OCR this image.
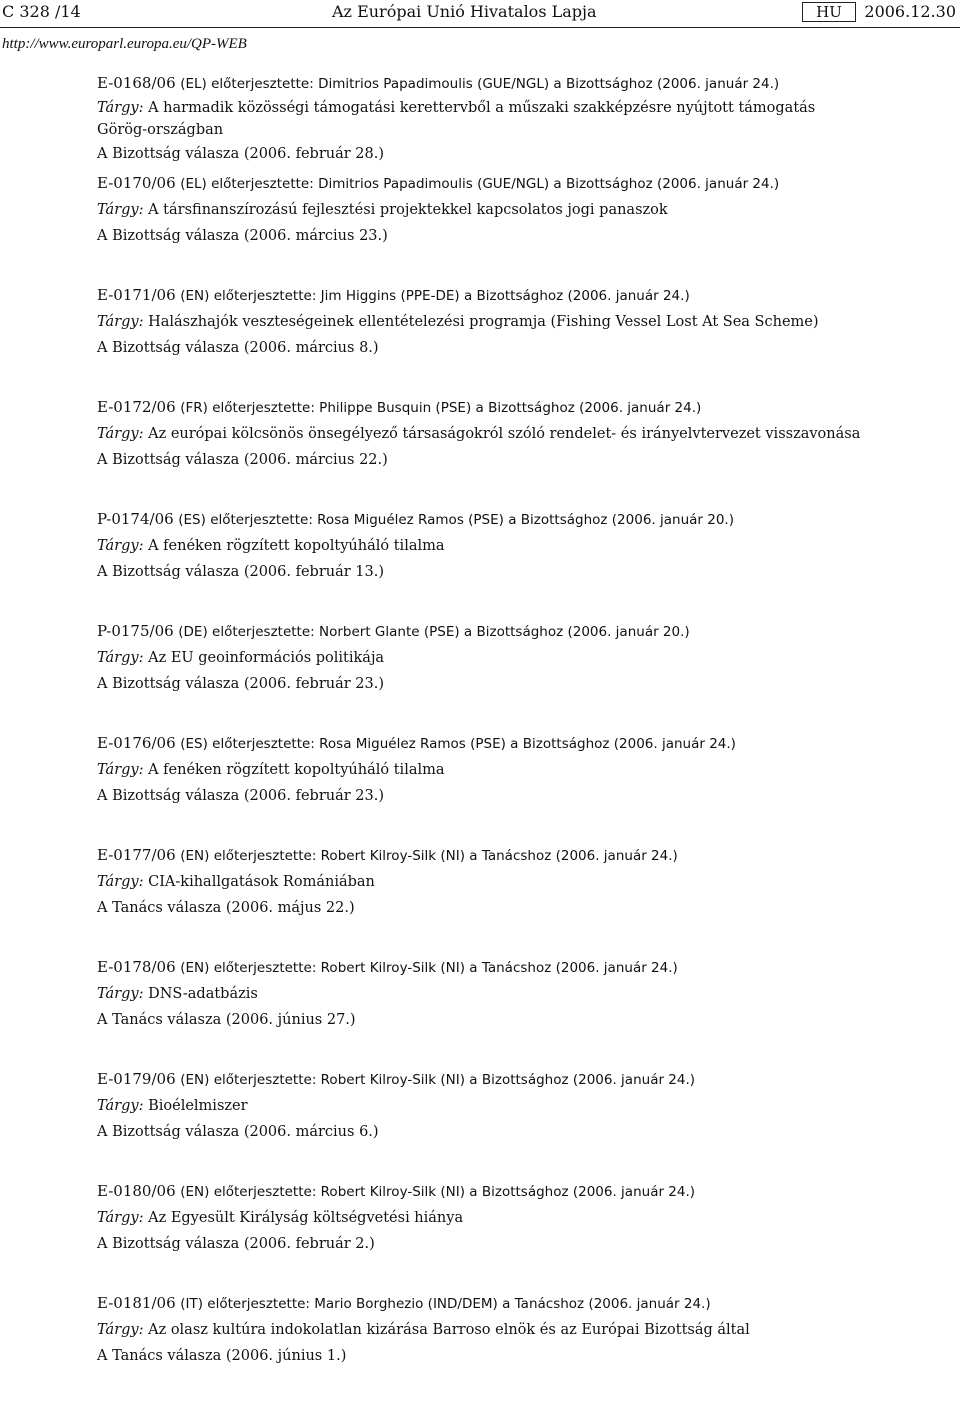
C 328 /14	Az Európai Unió Hivatalos Lapja	HU	2006.12.30
http://www.europarl.europa.eu/QP-WEB
E-0168/06 (EL) előterjesztette: Dimitrios Papadimoulis (GUE/NGL) a Bizottsághoz (2006. január 24.)
Tárgy: A harmadik közösségi támogatási kerettervből a műszaki szakképzésre nyújtott támogatás Görög-országban
A Bizottság válasza (2006. február 28.)
E-0170/06 (EL) előterjesztette: Dimitrios Papadimoulis (GUE/NGL) a Bizottsághoz (2006. január 24.)
Tárgy: A társfinanszírozású fejlesztési projektekkel kapcsolatos jogi panaszok
A Bizottság válasza (2006. március 23.)
E-0171/06 (EN) előterjesztette: Jim Higgins (PPE-DE) a Bizottsághoz (2006. január 24.)
Tárgy: Halászhajók veszteségeinek ellentételezési programja (Fishing Vessel Lost At Sea Scheme)
A Bizottság válasza (2006. március 8.)
E-0172/06 (FR) előterjesztette: Philippe Busquin (PSE) a Bizottsághoz (2006. január 24.)
Tárgy: Az európai kölcsönös önsegélyező társaságokról szóló rendelet- és irányelvtervezet visszavonása
A Bizottság válasza (2006. március 22.)
P-0174/06 (ES) előterjesztette: Rosa Miguélez Ramos (PSE) a Bizottsághoz (2006. január 20.)
Tárgy: A fenéken rögzített kopoltyúháló tilalma
A Bizottság válasza (2006. február 13.)
P-0175/06 (DE) előterjesztette: Norbert Glante (PSE) a Bizottsághoz (2006. január 20.)
Tárgy: Az EU geoinformációs politikája
A Bizottság válasza (2006. február 23.)
E-0176/06 (ES) előterjesztette: Rosa Miguélez Ramos (PSE) a Bizottsághoz (2006. január 24.)
Tárgy: A fenéken rögzített kopoltyúháló tilalma
A Bizottság válasza (2006. február 23.)
E-0177/06 (EN) előterjesztette: Robert Kilroy-Silk (NI) a Tanácshoz (2006. január 24.)
Tárgy: CIA-kihallgatások Romániában
A Tanács válasza (2006. május 22.)
E-0178/06 (EN) előterjesztette: Robert Kilroy-Silk (NI) a Tanácshoz (2006. január 24.)
Tárgy: DNS-adatbázis
A Tanács válasza (2006. június 27.)
E-0179/06 (EN) előterjesztette: Robert Kilroy-Silk (NI) a Bizottsághoz (2006. január 24.)
Tárgy: Bioélelmiszer
A Bizottság válasza (2006. március 6.)
E-0180/06 (EN) előterjesztette: Robert Kilroy-Silk (NI) a Bizottsághoz (2006. január 24.)
Tárgy: Az Egyesült Királyság költségvetési hiánya
A Bizottság válasza (2006. február 2.)
E-0181/06 (IT) előterjesztette: Mario Borghezio (IND/DEM) a Tanácshoz (2006. január 24.)
Tárgy: Az olasz kultúra indokolatlan kizárása Barroso elnök és az Európai Bizottság által
A Tanács válasza (2006. június 1.)
